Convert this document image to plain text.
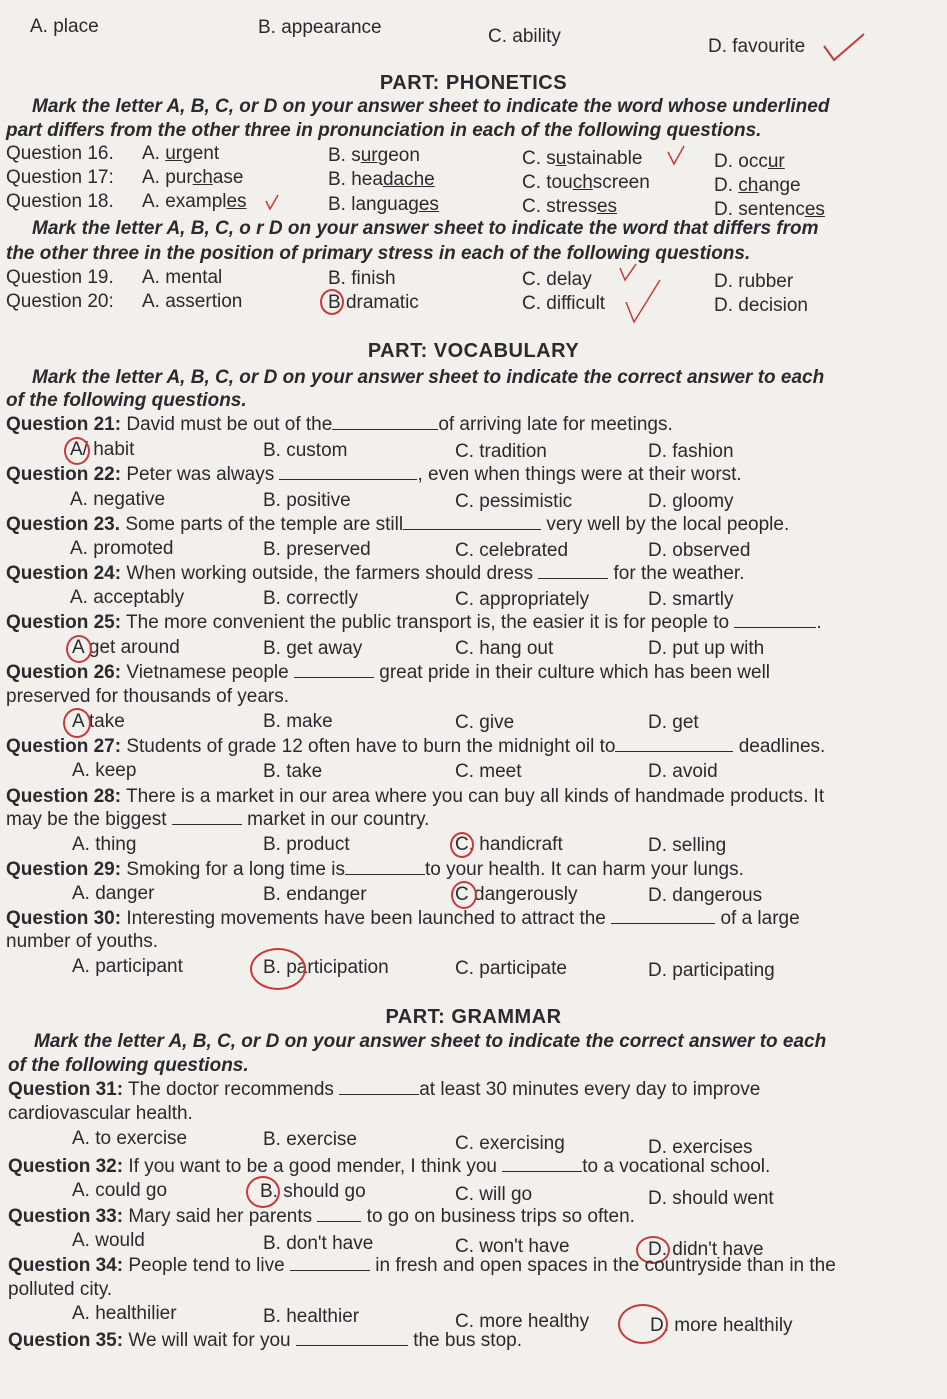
A. place	B. appearance	C. ability	D. favourite
PART: PHONETICS
Mark the letter A, B, C, or D on your answer sheet to indicate the word whose underlined
part differs from the other three in pronunciation in each of the following questions.
Question 16. A. urgent	B. surgeon	C. sustainable	D. occur
Question 17: A. purchase	B. headache	C. touchscreen	D. change
Question 18. A. examples	B. languages	C. stresses	D. sentences
Mark the letter A, B, C, o r D on your answer sheet to indicate the word that differs from
the other three in the position of primary stress in each of the following questions.
Question 19. A. mental	B. finish	C. delay	D. rubber
Question 20: A. assertion	B dramatic	C. difficult	D. decision
PART: VOCABULARY
Mark the letter A, B, C, or D on your answer sheet to indicate the correct answer to each
of the following questions.
Question 21: David must be out of the	of arriving late for meetings.
A/ habit	B. custom	C. tradition	D. fashion
Question 22: Peter was always	, even when things were at their worst.
A. negative	B. positive	C. pessimistic	D. gloomy
Question 23. Some parts of the temple are still	very well by the local people.
A. promoted	B. preserved	C. celebrated	D. observed
Question 24: When working outside, the farmers should dress	for the weather.
A. acceptably	B. correctly	C. appropriately	D. smartly
Question 25: The more convenient the public transport is, the easier it is for people to	.
A get around	B. get away	C. hang out	D. put up with
Question 26: Vietnamese people	great pride in their culture which has been well
preserved for thousands of years.
A take	B. make	C. give	D. get
Question 27: Students of grade 12 often have to burn the midnight oil to	deadlines.
A. keep	B. take	C. meet	D. avoid
Question 28: There is a market in our area where you can buy all kinds of handmade products. It
may be the biggest	market in our country.
A. thing	B. product	C. handicraft	D. selling
Question 29: Smoking for a long time is	to your health. It can harm your lungs.
A. danger	B. endanger	C dangerously	D. dangerous
Question 30: Interesting movements have been launched to attract the	of a large
number of youths.
A. participant	B. participation	C. participate	D. participating
PART: GRAMMAR
Mark the letter A, B, C, or D on your answer sheet to indicate the correct answer to each
of the following questions.
Question 31: The doctor recommends	at least 30 minutes every day to improve
cardiovascular health.
A. to exercise	B. exercise	C. exercising	D. exercises
Question 32: If you want to be a good mender, I think you	to a vocational school.
A. could go	B. should go	C. will go	D. should went
Question 33: Mary said her parents	to go on business trips so often.
A. would	B. don't have	C. won't have	D. didn't have
Question 34: People tend to live	in fresh and open spaces in the countryside than in the
polluted city.
A. healthilier	B. healthier	C. more healthy	D. more healthily
Question 35: We will wait for you	the bus stop.
